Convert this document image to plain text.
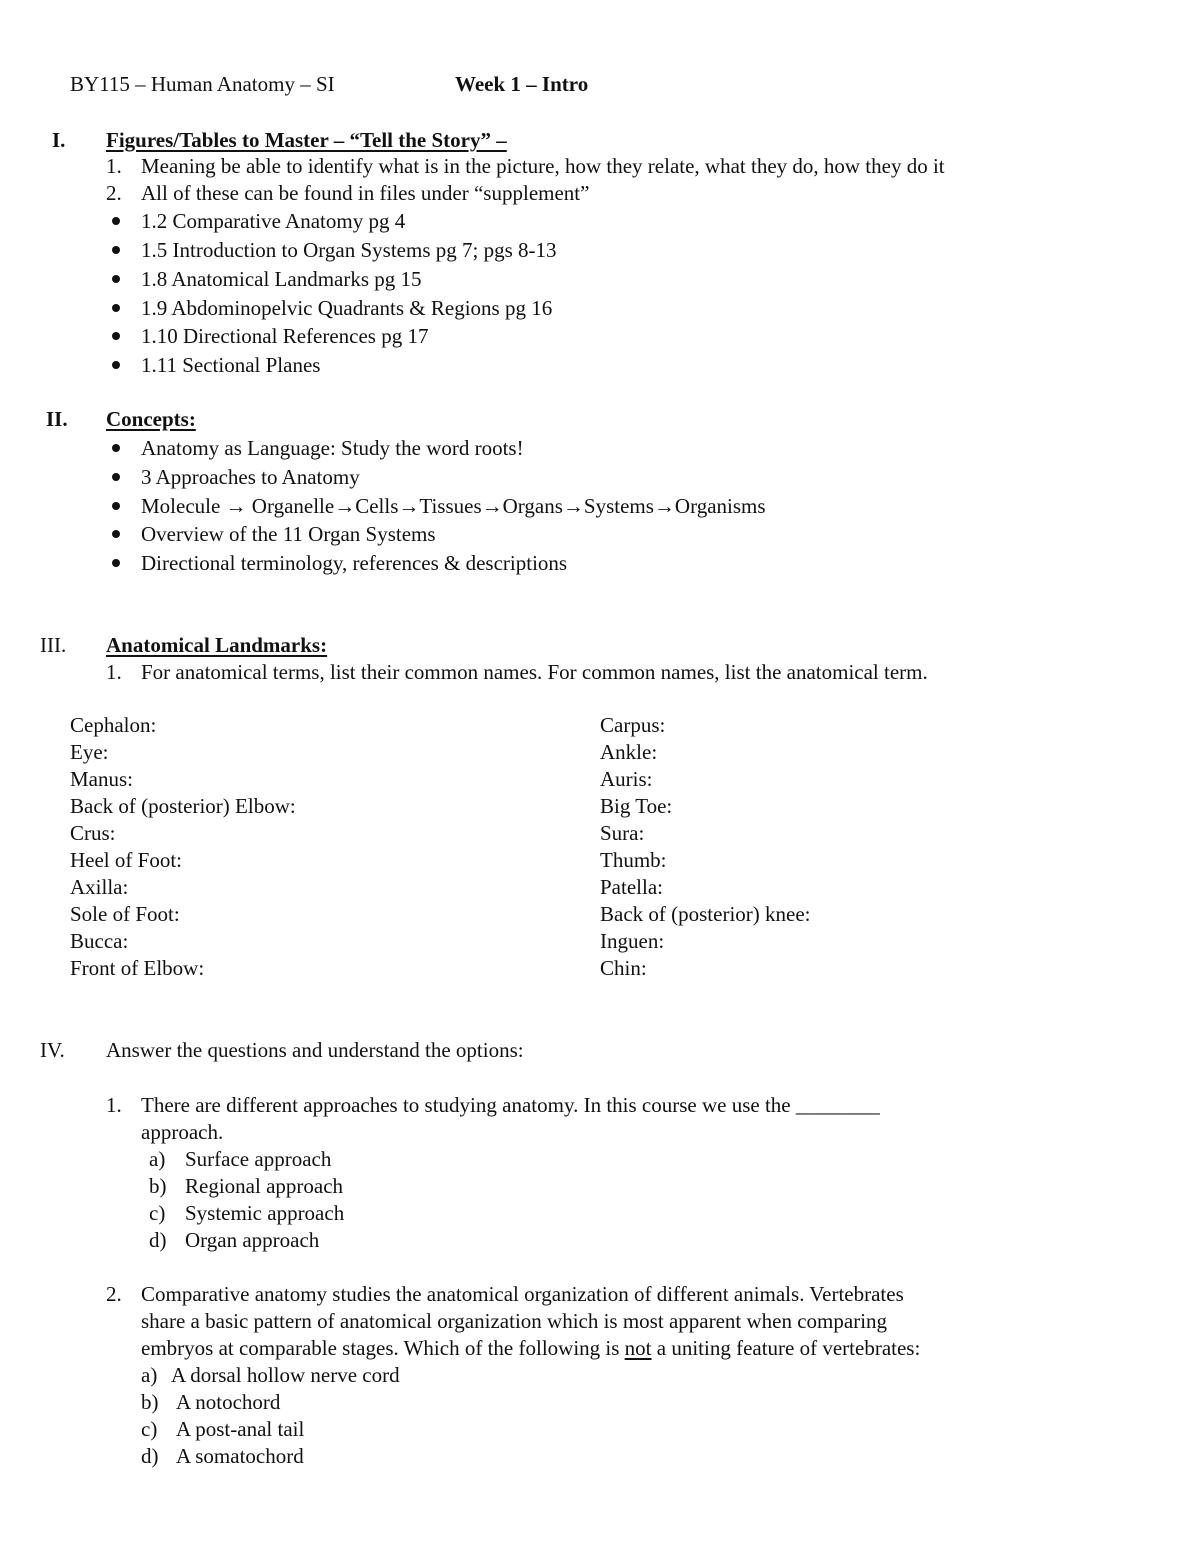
BY115 – Human Anatomy – SI	Week 1 – Intro
I. Figures/Tables to Master – “Tell the Story” –
1. Meaning be able to identify what is in the picture, how they relate, what they do, how they do it
2. All of these can be found in files under “supplement”
1.2 Comparative Anatomy pg 4
1.5 Introduction to Organ Systems pg 7; pgs 8-13
1.8 Anatomical Landmarks pg 15
1.9 Abdominopelvic Quadrants & Regions pg 16
1.10 Directional References pg 17
1.11 Sectional Planes
II. Concepts:
Anatomy as Language: Study the word roots!
3 Approaches to Anatomy
Molecule → Organelle→Cells→Tissues→Organs→Systems→Organisms
Overview of the 11 Organ Systems
Directional terminology, references & descriptions
III. Anatomical Landmarks:
1. For anatomical terms, list their common names. For common names, list the anatomical term.
Cephalon:
Eye:
Manus:
Back of (posterior) Elbow:
Crus:
Heel of Foot:
Axilla:
Sole of Foot:
Bucca:
Front of Elbow:
Carpus:
Ankle:
Auris:
Big Toe:
Sura:
Thumb:
Patella:
Back of (posterior) knee:
Inguen:
Chin:
IV. Answer the questions and understand the options:
1. There are different approaches to studying anatomy. In this course we use the ________
approach.
a) Surface approach
b) Regional approach
c) Systemic approach
d) Organ approach
2. Comparative anatomy studies the anatomical organization of different animals. Vertebrates
share a basic pattern of anatomical organization which is most apparent when comparing
embryos at comparable stages. Which of the following is not a uniting feature of vertebrates:
a) A dorsal hollow nerve cord
b) A notochord
c) A post-anal tail
d) A somatochord
